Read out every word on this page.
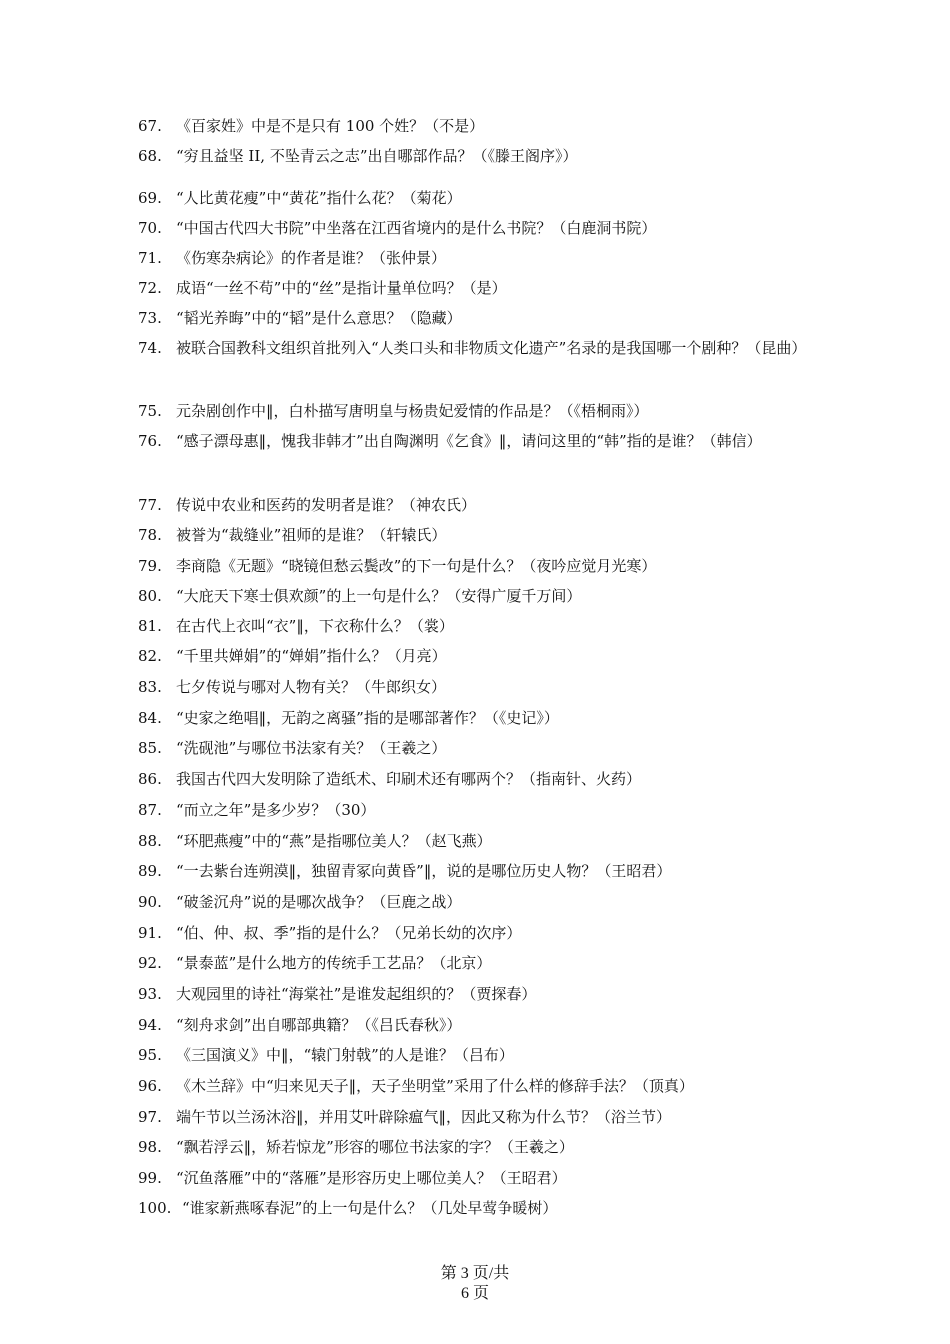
67. 《百家姓》中是不是只有 100 个姓？（不是）
68. “穷且益坚 II, 不坠青云之志”出自哪部作品？（《滕王阁序》）
69. “人比黄花瘦”中“黄花”指什么花？（菊花）
70. “中国古代四大书院”中坐落在江西省境内的是什么书院？（白鹿洞书院）
71. 《伤寒杂病论》的作者是谁？（张仲景）
72. 成语“一丝不苟”中的“丝”是指计量单位吗？（是）
73. “韬光养晦”中的“韬”是什么意思？（隐藏）
74. 被联合国教科文组织首批列入“人类口头和非物质文化遗产”名录的是我国哪一个剧种？（昆曲）
75. 元杂剧创作中‖，白朴描写唐明皇与杨贵妃爱情的作品是？（《梧桐雨》）
76. “感子漂母惠‖，愧我非韩才”出自陶渊明《乞食》‖，请问这里的“韩”指的是谁？（韩信）
77. 传说中农业和医药的发明者是谁？（神农氏）
78. 被誉为“裁缝业”祖师的是谁？（轩辕氏）
79. 李商隐《无题》“晓镜但愁云鬓改”的下一句是什么？（夜吟应觉月光寒）
80. “大庇天下寒士俱欢颜”的上一句是什么？（安得广厦千万间）
81. 在古代上衣叫“衣”‖，下衣称什么？（裳）
82. “千里共婵娟”的“婵娟”指什么？（月亮）
83. 七夕传说与哪对人物有关？（牛郎织女）
84. “史家之绝唱‖，无韵之离骚”指的是哪部著作？（《史记》）
85. “洗砚池”与哪位书法家有关？（王羲之）
86. 我国古代四大发明除了造纸术、印刷术还有哪两个？（指南针、火药）
87. “而立之年”是多少岁？（30）
88. “环肥燕瘦”中的“燕”是指哪位美人？（赵飞燕）
89. “一去紫台连朔漠‖，独留青冢向黄昏”‖，说的是哪位历史人物？（王昭君）
90. “破釜沉舟”说的是哪次战争？（巨鹿之战）
91. “伯、仲、叔、季”指的是什么？（兄弟长幼的次序）
92. “景泰蓝”是什么地方的传统手工艺品？（北京）
93. 大观园里的诗社“海棠社”是谁发起组织的？（贾探春）
94. “刻舟求剑”出自哪部典籍？（《吕氏春秋》）
95. 《三国演义》中‖，“辕门射戟”的人是谁？（吕布）
96. 《木兰辞》中“归来见天子‖，天子坐明堂”采用了什么样的修辞手法？（顶真）
97. 端午节以兰汤沐浴‖，并用艾叶辟除瘟气‖，因此又称为什么节？（浴兰节）
98. “飘若浮云‖，矫若惊龙”形容的哪位书法家的字？（王羲之）
99. “沉鱼落雁”中的“落雁”是形容历史上哪位美人？（王昭君）
100. “谁家新燕啄春泥”的上一句是什么？（几处早莺争暖树）
第 3 页/共
6 页
